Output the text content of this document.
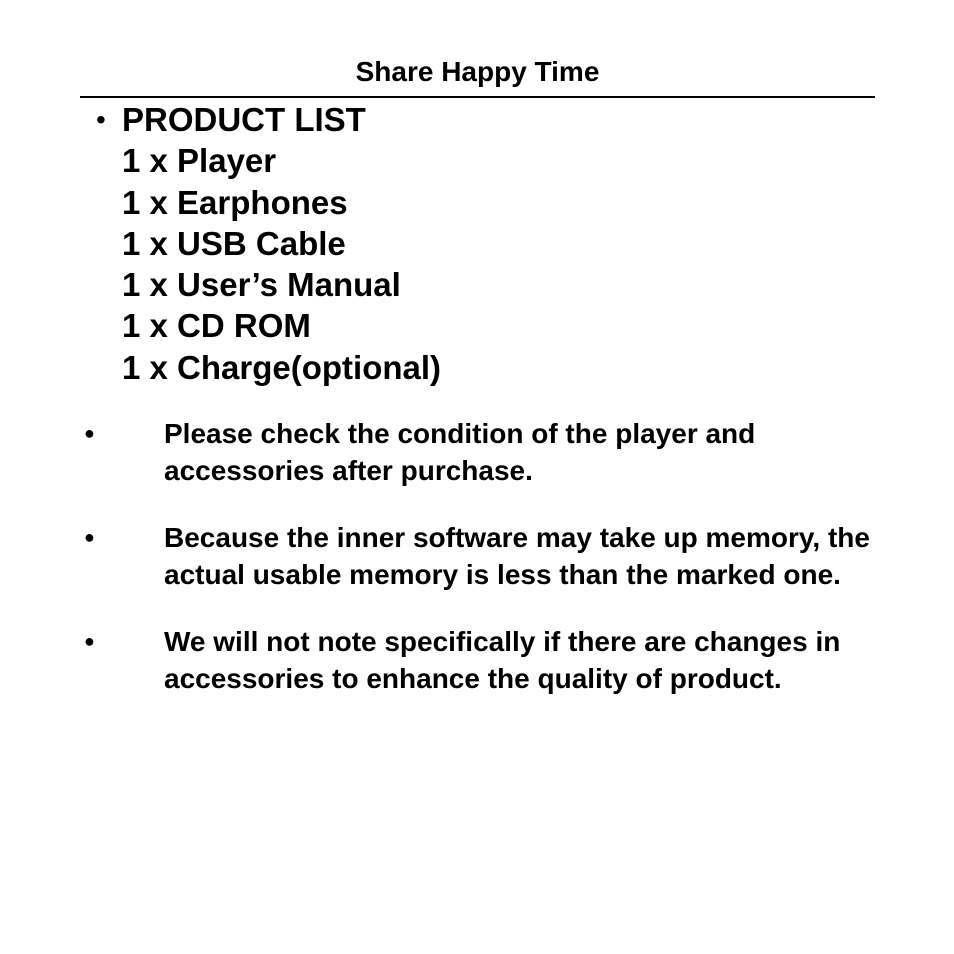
Share Happy Time
• PRODUCT LIST
1 x Player
1 x Earphones
1 x USB Cable
1 x User’s Manual
1 x CD ROM
1 x Charge(optional)
●	Please check the condition of the player and accessories after purchase.
●	Because the inner software may take up memory, the actual usable memory is less than the marked one.
●	We will not note specifically if there are changes in accessories to enhance the quality of product.
